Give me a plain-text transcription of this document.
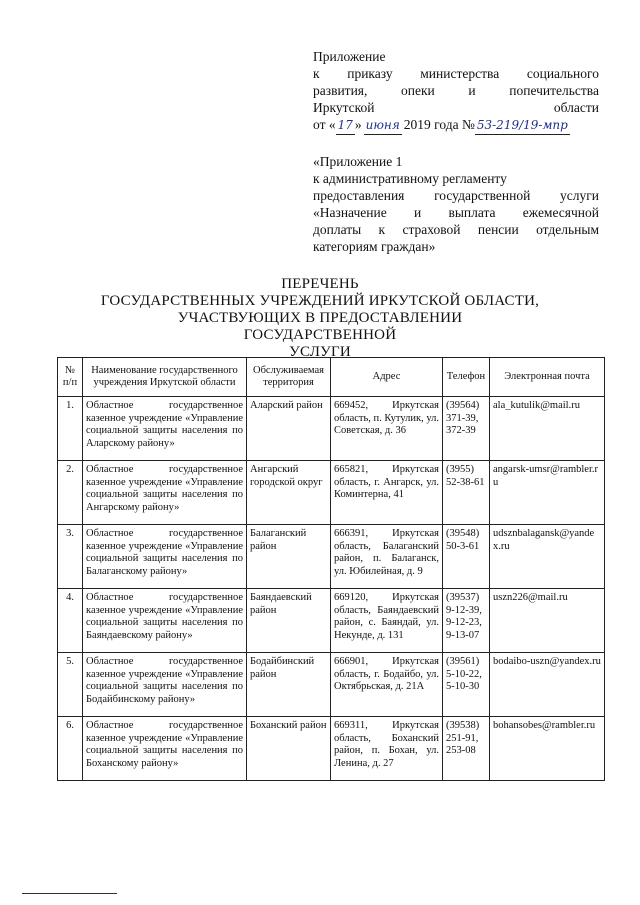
Приложение
к приказу министерства социального
развития, опеки и попечительства
Иркутской области
от « 17 » июня 2019 года № 53-219/19-мпр
«Приложение 1
к административному регламенту
предоставления государственной услуги
«Назначение и выплата ежемесячной
доплаты к страховой пенсии отдельным
категориям граждан»
ПЕРЕЧЕНЬ
ГОСУДАРСТВЕННЫХ УЧРЕЖДЕНИЙ ИРКУТСКОЙ ОБЛАСТИ,
УЧАСТВУЮЩИХ В ПРЕДОСТАВЛЕНИИ ГОСУДАРСТВЕННОЙ
УСЛУГИ
№ п/п	Наименование государственного учреждения Иркутской области	Обслуживаемая территория	Адрес	Телефон	Электронная почта
1.	Областное государственное казенное учреждение «Управление социальной защиты населения по Аларскому району»	Аларский район	669452, Иркутская область, п. Кутулик, ул. Советская, д. 36	(39564) 371-39, 372-39	ala_kutulik@mail.ru
2.	Областное государственное казенное учреждение «Управление социальной защиты населения по Ангарскому району»	Ангарский городской округ	665821, Иркутская область, г. Ангарск, ул. Коминтерна, 41	(3955) 52-38-61	angarsk-umsr@rambler.ru
3.	Областное государственное казенное учреждение «Управление социальной защиты населения по Балаганскому району»	Балаганский район	666391, Иркутская область, Балаганский район, п. Балаганск, ул. Юбилейная, д. 9	(39548) 50-3-61	udsznbalagansk@yandex.ru
4.	Областное государственное казенное учреждение «Управление социальной защиты населения по Баяндаевскому району»	Баяндаевский район	669120, Иркутская область, Баяндаевский район, с. Баяндай, ул. Некунде, д. 131	(39537) 9-12-39, 9-12-23, 9-13-07	uszn226@mail.ru
5.	Областное государственное казенное учреждение «Управление социальной защиты населения по Бодайбинскому району»	Бодайбинский район	666901, Иркутская область, г. Бодайбо, ул. Октябрьская, д. 21А	(39561) 5-10-22, 5-10-30	bodaibo-uszn@yandex.ru
6.	Областное государственное казенное учреждение «Управление социальной защиты населения по Боханскому району»	Боханский район	669311, Иркутская область, Боханский район, п. Бохан, ул. Ленина, д. 27	(39538) 251-91, 253-08	bohansobes@rambler.ru
